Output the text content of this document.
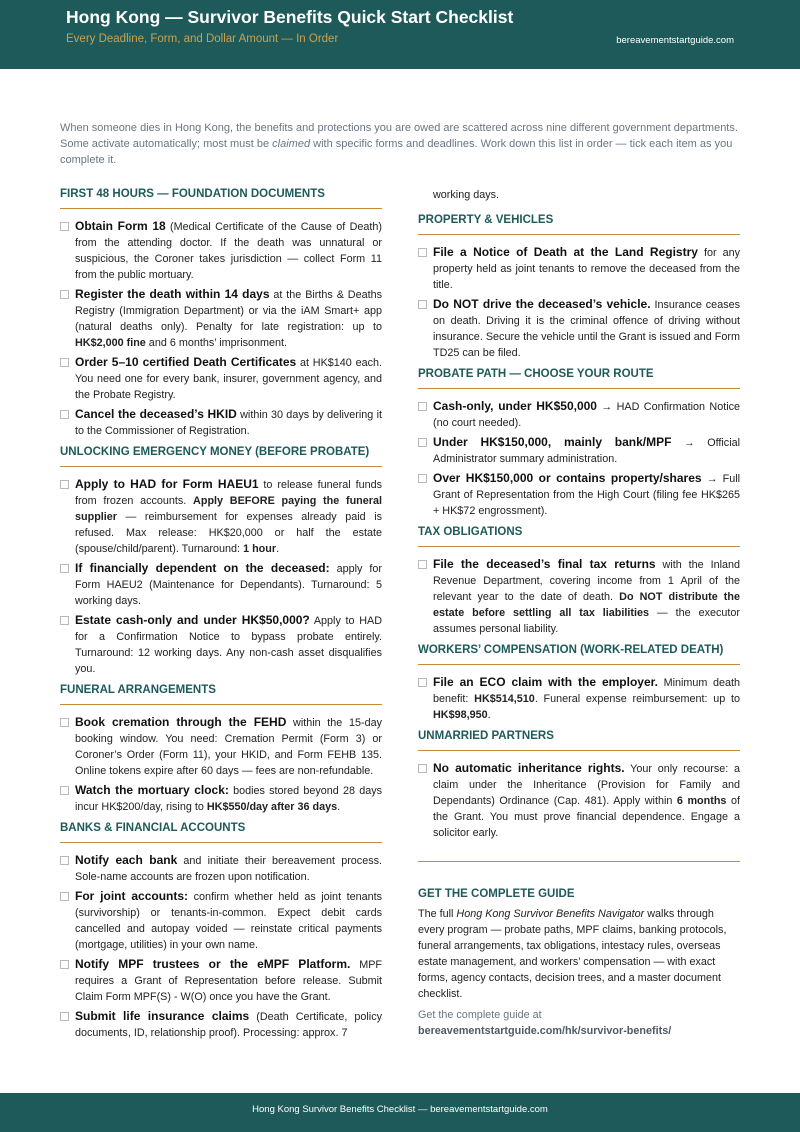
Hong Kong — Survivor Benefits Quick Start Checklist
Every Deadline, Form, and Dollar Amount — In Order	bereavementstartguide.com
When someone dies in Hong Kong, the benefits and protections you are owed are scattered across nine different government departments. Some activate automatically; most must be claimed with specific forms and deadlines. Work down this list in order — tick each item as you complete it.
FIRST 48 HOURS — FOUNDATION DOCUMENTS
Obtain Form 18 (Medical Certificate of the Cause of Death) from the attending doctor. If the death was unnatural or suspicious, the Coroner takes jurisdiction — collect Form 11 from the public mortuary.
Register the death within 14 days at the Births & Deaths Registry (Immigration Department) or via the iAM Smart+ app (natural deaths only). Penalty for late registration: up to HK$2,000 fine and 6 months’ imprisonment.
Order 5–10 certified Death Certificates at HK$140 each. You need one for every bank, insurer, government agency, and the Probate Registry.
Cancel the deceased’s HKID within 30 days by delivering it to the Commissioner of Registration.
UNLOCKING EMERGENCY MONEY (BEFORE PROBATE)
Apply to HAD for Form HAEU1 to release funeral funds from frozen accounts. Apply BEFORE paying the funeral supplier — reimbursement for expenses already paid is refused. Max release: HK$20,000 or half the estate (spouse/child/parent). Turnaround: 1 hour.
If financially dependent on the deceased: apply for Form HAEU2 (Maintenance for Dependants). Turnaround: 5 working days.
Estate cash-only and under HK$50,000? Apply to HAD for a Confirmation Notice to bypass probate entirely. Turnaround: 12 working days. Any non-cash asset disqualifies you.
FUNERAL ARRANGEMENTS
Book cremation through the FEHD within the 15-day booking window. You need: Cremation Permit (Form 3) or Coroner’s Order (Form 11), your HKID, and Form FEHB 135. Online tokens expire after 60 days — fees are non-refundable.
Watch the mortuary clock: bodies stored beyond 28 days incur HK$200/day, rising to HK$550/day after 36 days.
BANKS & FINANCIAL ACCOUNTS
Notify each bank and initiate their bereavement process. Sole-name accounts are frozen upon notification.
For joint accounts: confirm whether held as joint tenants (survivorship) or tenants-in-common. Expect debit cards cancelled and autopay voided — reinstate critical payments (mortgage, utilities) in your own name.
Notify MPF trustees or the eMPF Platform. MPF requires a Grant of Representation before release. Submit Claim Form MPF(S) - W(O) once you have the Grant.
Submit life insurance claims (Death Certificate, policy documents, ID, relationship proof). Processing: approx. 7
working days.
PROPERTY & VEHICLES
File a Notice of Death at the Land Registry for any property held as joint tenants to remove the deceased from the title.
Do NOT drive the deceased’s vehicle. Insurance ceases on death. Driving it is the criminal offence of driving without insurance. Secure the vehicle until the Grant is issued and Form TD25 can be filed.
PROBATE PATH — CHOOSE YOUR ROUTE
Cash-only, under HK$50,000 → HAD Confirmation Notice (no court needed).
Under HK$150,000, mainly bank/MPF → Official Administrator summary administration.
Over HK$150,000 or contains property/shares → Full Grant of Representation from the High Court (filing fee HK$265 + HK$72 engrossment).
TAX OBLIGATIONS
File the deceased’s final tax returns with the Inland Revenue Department, covering income from 1 April of the relevant year to the date of death. Do NOT distribute the estate before settling all tax liabilities — the executor assumes personal liability.
WORKERS’ COMPENSATION (WORK-RELATED DEATH)
File an ECO claim with the employer. Minimum death benefit: HK$514,510. Funeral expense reimbursement: up to HK$98,950.
UNMARRIED PARTNERS
No automatic inheritance rights. Your only recourse: a claim under the Inheritance (Provision for Family and Dependants) Ordinance (Cap. 481). Apply within 6 months of the Grant. You must prove financial dependence. Engage a solicitor early.
GET THE COMPLETE GUIDE
The full Hong Kong Survivor Benefits Navigator walks through every program — probate paths, MPF claims, banking protocols, funeral arrangements, tax obligations, intestacy rules, overseas estate management, and workers’ compensation — with exact forms, agency contacts, decision trees, and a master document checklist.
Get the complete guide at
bereavementstartguide.com/hk/survivor-benefits/
Hong Kong Survivor Benefits Checklist — bereavementstartguide.com
